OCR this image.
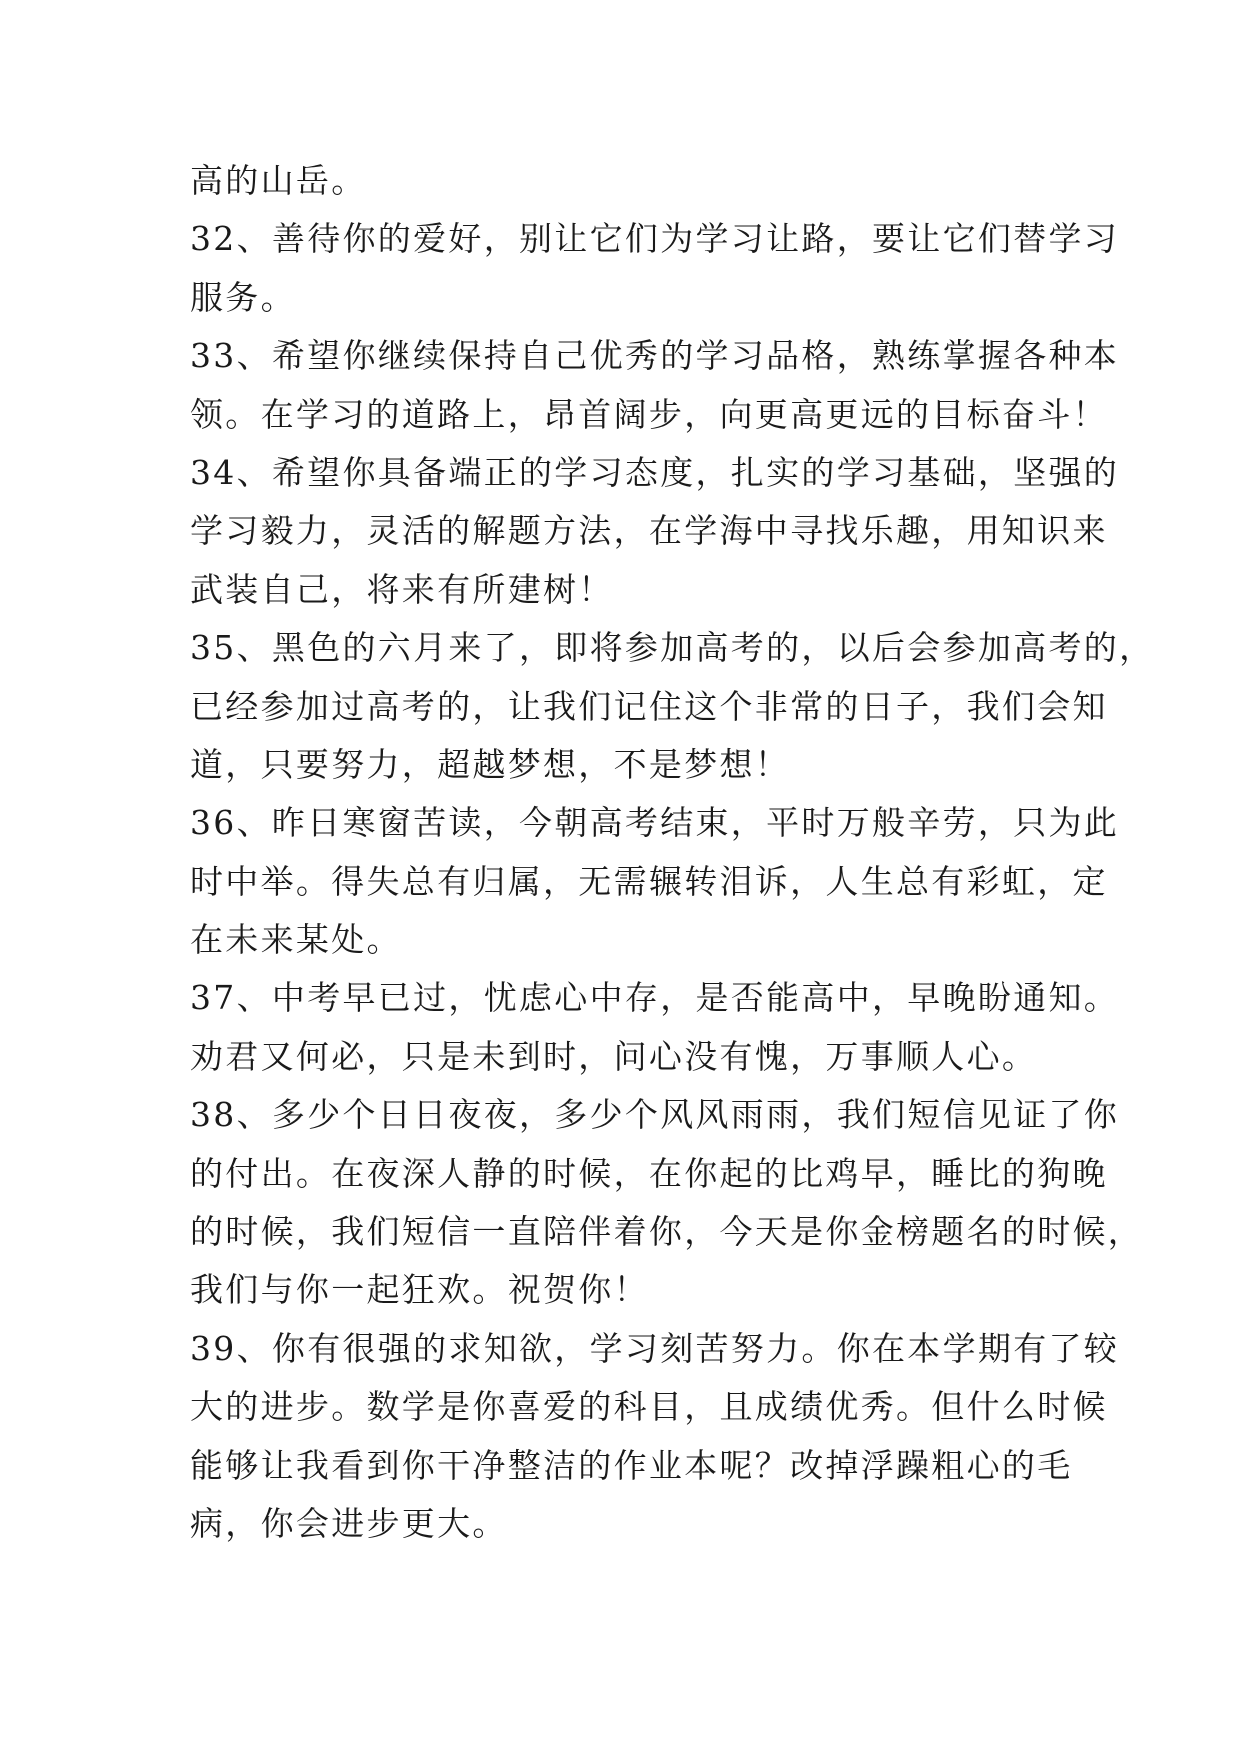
高的山岳。
32、善待你的爱好，别让它们为学习让路，要让它们替学习
服务。
33、希望你继续保持自己优秀的学习品格，熟练掌握各种本
领。在学习的道路上，昂首阔步，向更高更远的目标奋斗！
34、希望你具备端正的学习态度，扎实的学习基础，坚强的
学习毅力，灵活的解题方法，在学海中寻找乐趣，用知识来
武装自己，将来有所建树！
35、黑色的六月来了，即将参加高考的，以后会参加高考的，
已经参加过高考的，让我们记住这个非常的日子，我们会知
道，只要努力，超越梦想，不是梦想！
36、昨日寒窗苦读，今朝高考结束，平时万般辛劳，只为此
时中举。得失总有归属，无需辗转泪诉，人生总有彩虹，定
在未来某处。
37、中考早已过，忧虑心中存，是否能高中，早晚盼通知。
劝君又何必，只是未到时，问心没有愧，万事顺人心。
38、多少个日日夜夜，多少个风风雨雨，我们短信见证了你
的付出。在夜深人静的时候，在你起的比鸡早，睡比的狗晚
的时候，我们短信一直陪伴着你，今天是你金榜题名的时候，
我们与你一起狂欢。祝贺你！
39、你有很强的求知欲，学习刻苦努力。你在本学期有了较
大的进步。数学是你喜爱的科目，且成绩优秀。但什么时候
能够让我看到你干净整洁的作业本呢？改掉浮躁粗心的毛
病，你会进步更大。
